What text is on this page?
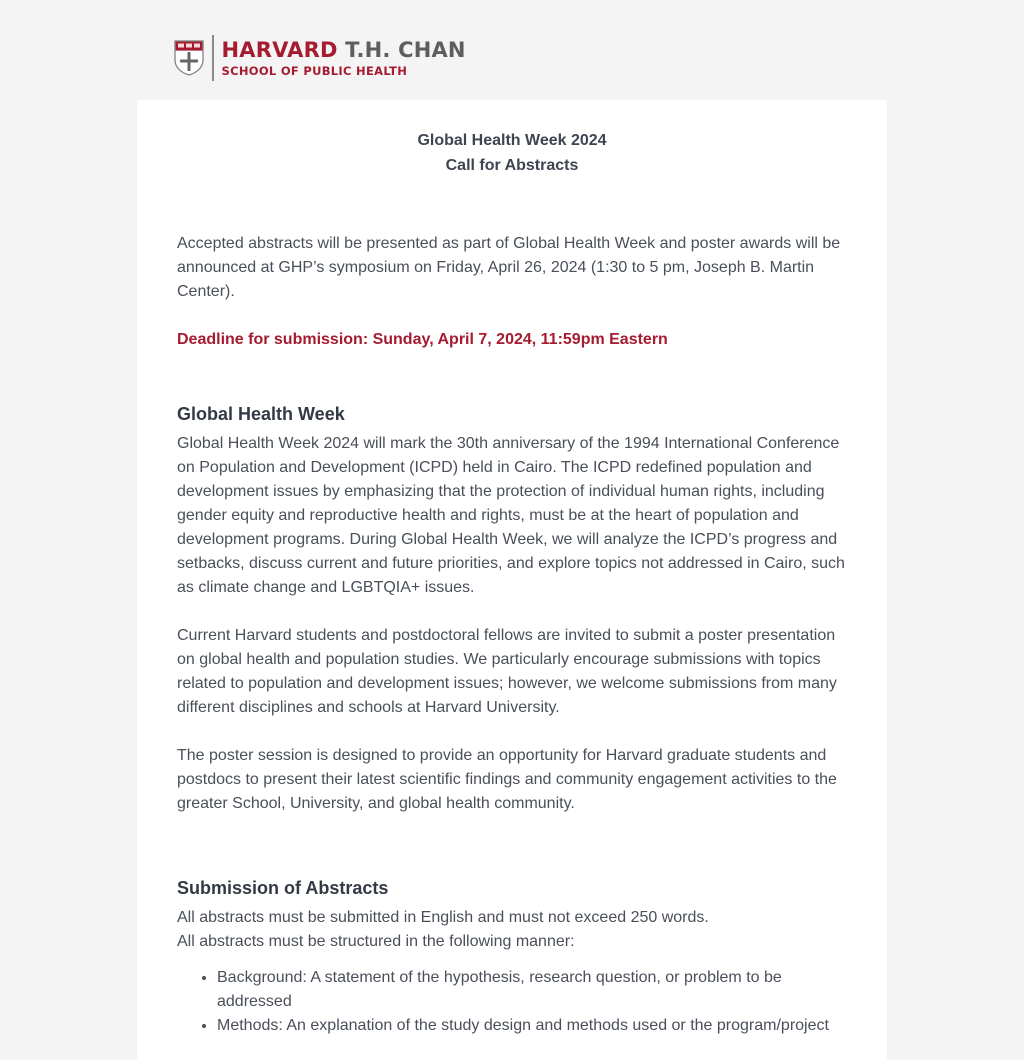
HARVARD T.H. CHAN
SCHOOL OF PUBLIC HEALTH
Global Health Week 2024
Call for Abstracts

Accepted abstracts will be presented as part of Global Health Week and poster awards will be announced at GHP’s symposium on Friday, April 26, 2024 (1:30 to 5 pm, Joseph B. Martin Center).

Deadline for submission: Sunday, April 7, 2024, 11:59pm Eastern

Global Health Week

Global Health Week 2024 will mark the 30th anniversary of the 1994 International Conference on Population and Development (ICPD) held in Cairo. The ICPD redefined population and development issues by emphasizing that the protection of individual human rights, including gender equity and reproductive health and rights, must be at the heart of population and development programs. During Global Health Week, we will analyze the ICPD’s progress and setbacks, discuss current and future priorities, and explore topics not addressed in Cairo, such as climate change and LGBTQIA+ issues.

Current Harvard students and postdoctoral fellows are invited to submit a poster presentation on global health and population studies. We particularly encourage submissions with topics related to population and development issues; however, we welcome submissions from many different disciplines and schools at Harvard University.

The poster session is designed to provide an opportunity for Harvard graduate students and postdocs to present their latest scientific findings and community engagement activities to the greater School, University, and global health community.

Submission of Abstracts

All abstracts must be submitted in English and must not exceed 250 words.

All abstracts must be structured in the following manner:

• Background: A statement of the hypothesis, research question, or problem to be addressed
• Methods: An explanation of the study design and methods used or the program/project
